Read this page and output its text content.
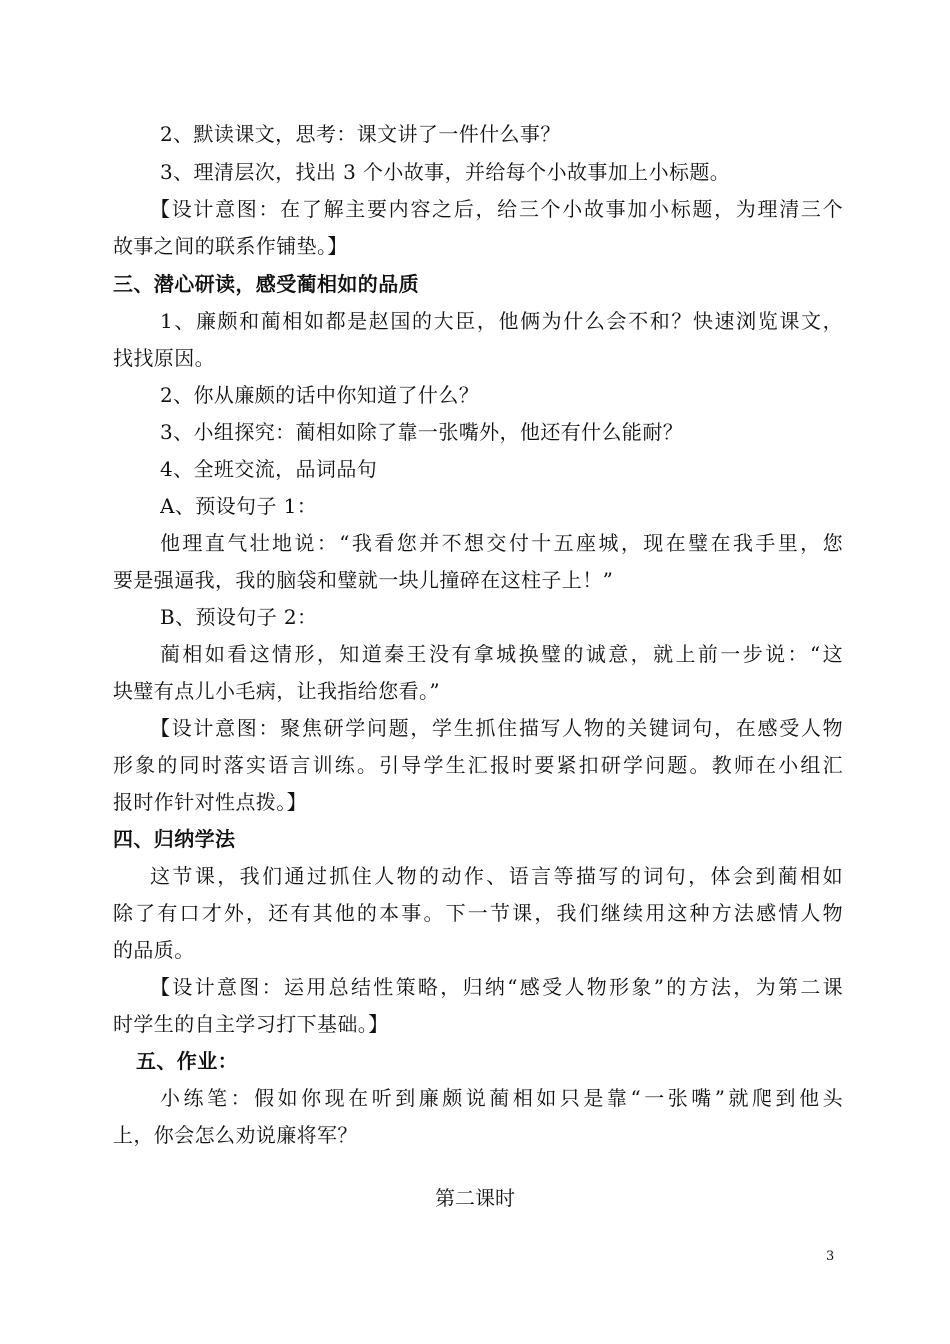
2、默读课文，思考：课文讲了一件什么事？
3、理清层次，找出 3 个小故事，并给每个小故事加上小标题。
【设计意图：在了解主要内容之后，给三个小故事加小标题，为理清三个
故事之间的联系作铺垫。】
三、潜心研读，感受蔺相如的品质
1、廉颇和蔺相如都是赵国的大臣，他俩为什么会不和？快速浏览课文，
找找原因。
2、你从廉颇的话中你知道了什么？
3、小组探究：蔺相如除了靠一张嘴外，他还有什么能耐？
4、全班交流，品词品句
A、预设句子 1：
他理直气壮地说：“我看您并不想交付十五座城，现在璧在我手里，您
要是强逼我，我的脑袋和璧就一块儿撞碎在这柱子上！”
B、预设句子 2：
蔺相如看这情形，知道秦王没有拿城换璧的诚意，就上前一步说：“这
块璧有点儿小毛病，让我指给您看。”
【设计意图：聚焦研学问题，学生抓住描写人物的关键词句，在感受人物
形象的同时落实语言训练。引导学生汇报时要紧扣研学问题。教师在小组汇
报时作针对性点拨。】
四、归纳学法
这节课，我们通过抓住人物的动作、语言等描写的词句，体会到蔺相如
除了有口才外，还有其他的本事。下一节课，我们继续用这种方法感情人物
的品质。
【设计意图：运用总结性策略，归纳“感受人物形象”的方法，为第二课
时学生的自主学习打下基础。】
五、作业：
小练笔：假如你现在听到廉颇说蔺相如只是靠“一张嘴”就爬到他头
上，你会怎么劝说廉将军？
第二课时
3
